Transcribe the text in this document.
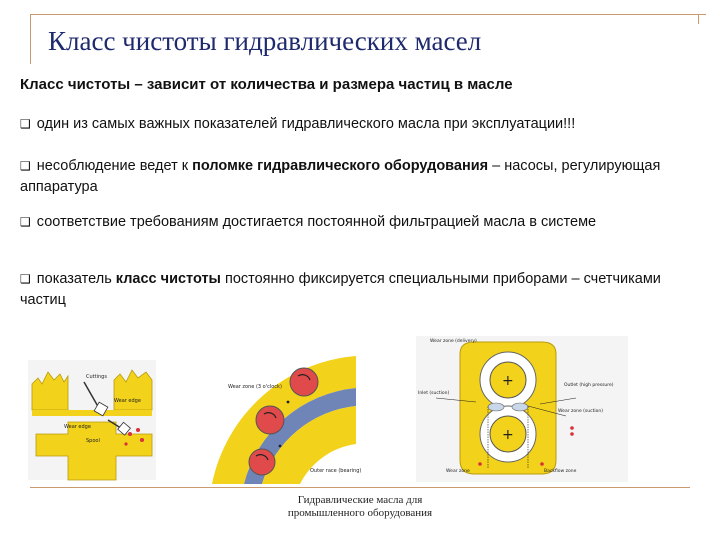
Класс чистоты гидравлических масел
Класс чистоты – зависит от количества и размера частиц в масле
❑ один из самых важных показателей гидравлического масла при эксплуатации!!!
❑ несоблюдение ведет к поломке гидравлического оборудования – насосы, регулирующая аппаратура
❑ соответствие требованиям достигается постоянной фильтрацией масла в системе
❑ показатель класс чистоты постоянно фиксируется специальными приборами – счетчиками частиц
Сuttings
Wear edge
Wear edge
Spool
Wear zone (3 o'clock)
Outer race (bearing)
+
+
Wear zone (delivery)
Inlet (suction)
Outlet (high pressure)
Wear zone (suction)
Wear zone	Backflow zone
Гидравлические масла для промышленного оборудования
